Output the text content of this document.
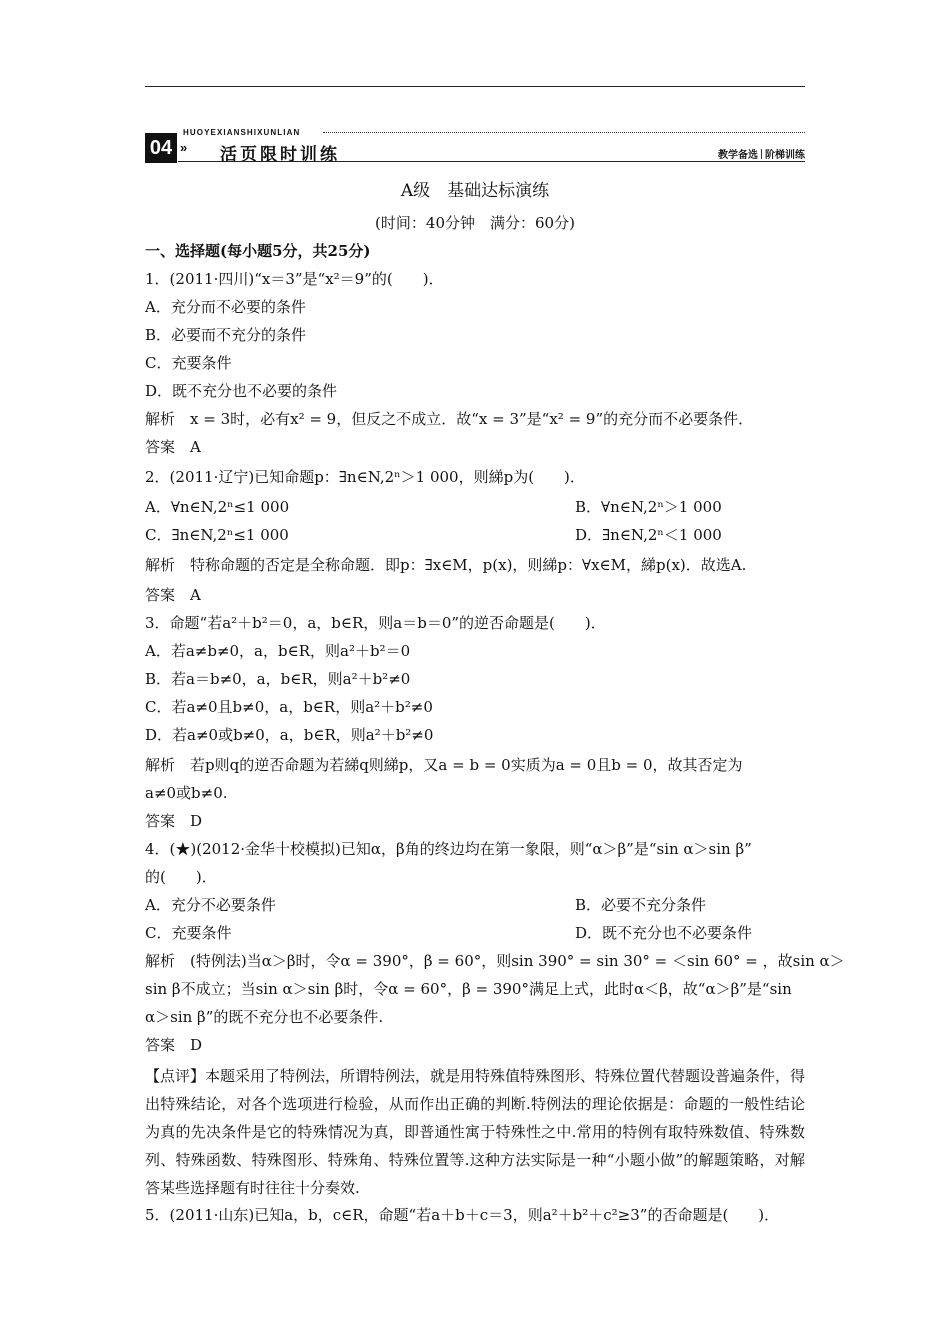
04 »
HUOYEXIANSHIXUNLIAN
活页限时训练	教学备选 阶梯训练
A级　基础达标演练
(时间：40分钟　满分：60分)
一、选择题(每小题5分，共25分)
1．(2011·四川)“x＝3”是“x²＝9”的(　　)．
A．充分而不必要的条件
B．必要而不充分的条件
C．充要条件
D．既不充分也不必要的条件
解析　x = 3时，必有x² = 9，但反之不成立．故“x = 3”是“x² = 9”的充分而不必要条件．
答案　A
2．(2011·辽宁)已知命题p：∃n∈N,2ⁿ＞1 000，则綈p为(　　)．
A．∀n∈N,2ⁿ≤1 000	B．∀n∈N,2ⁿ＞1 000
C．∃n∈N,2ⁿ≤1 000	D．∃n∈N,2ⁿ＜1 000
解析　特称命题的否定是全称命题．即p：∃x∈M，p(x)，则綈p：∀x∈M，綈p(x)．故选A.
答案　A
3．命题“若a²＋b²＝0，a，b∈R，则a＝b＝0”的逆否命题是(　　)．
A．若a≠b≠0，a，b∈R，则a²＋b²＝0
B．若a＝b≠0，a，b∈R，则a²＋b²≠0
C．若a≠0且b≠0，a，b∈R，则a²＋b²≠0
D．若a≠0或b≠0，a，b∈R，则a²＋b²≠0
解析　若p则q的逆否命题为若綈q则綈p，又a = b = 0实质为a = 0且b = 0，故其否定为
a≠0或b≠0.
答案　D
4．(★)(2012·金华十校模拟)已知α，β角的终边均在第一象限，则“α＞β”是“sin α＞sin β”
的(　　)．
A．充分不必要条件	B．必要不充分条件
C．充要条件	D．既不充分也不必要条件
解析　(特例法)当α＞β时，令α = 390°，β = 60°，则sin 390° = sin 30° = ＜sin 60° = ，故sin α＞
sin β不成立；当sin α＞sin β时，令α = 60°，β = 390°满足上式，此时α＜β，故“α＞β”是“sin
α＞sin β”的既不充分也不必要条件.
答案　D
【点评】本题采用了特例法，所谓特例法，就是用特殊值特殊图形、特殊位置代替题设普遍条件，得出特殊结论，对各个选项进行检验，从而作出正确的判断.特例法的理论依据是：命题的一般性结论为真的先决条件是它的特殊情况为真，即普通性寓于特殊性之中.常用的特例有取特殊数值、特殊数列、特殊函数、特殊图形、特殊角、特殊位置等.这种方法实际是一种“小题小做”的解题策略，对解答某些选择题有时往往十分奏效.
5．(2011·山东)已知a，b，c∈R，命题“若a＋b＋c＝3，则a²＋b²＋c²≥3”的否命题是(　　)．
